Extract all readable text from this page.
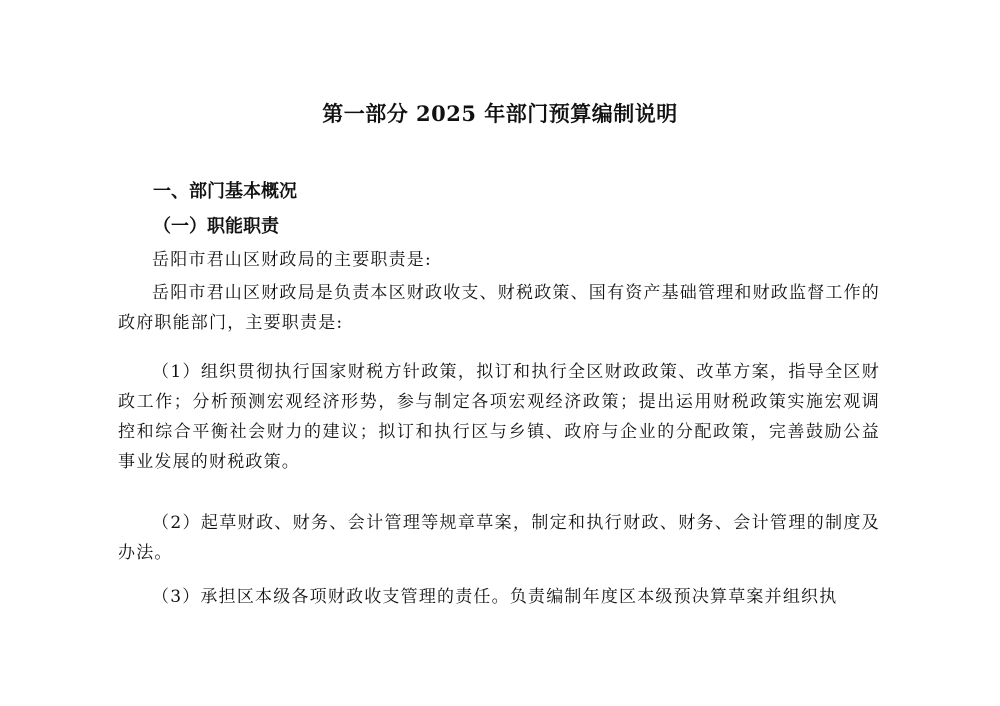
第一部分 2025 年部门预算编制说明
一、部门基本概况
（一）职能职责

岳阳市君山区财政局的主要职责是:

岳阳市君山区财政局是负责本区财政收支、财税政策、国有资产基础管理和财政监督工作的政府职能部门，主要职责是:

（1）组织贯彻执行国家财税方针政策，拟订和执行全区财政政策、改革方案，指导全区财政工作；分析预测宏观经济形势，参与制定各项宏观经济政策；提出运用财税政策实施宏观调控和综合平衡社会财力的建议；拟订和执行区与乡镇、政府与企业的分配政策，完善鼓励公益事业发展的财税政策。

（2）起草财政、财务、会计管理等规章草案，制定和执行财政、财务、会计管理的制度及办法。

（3）承担区本级各项财政收支管理的责任。负责编制年度区本级预决算草案并组织执
